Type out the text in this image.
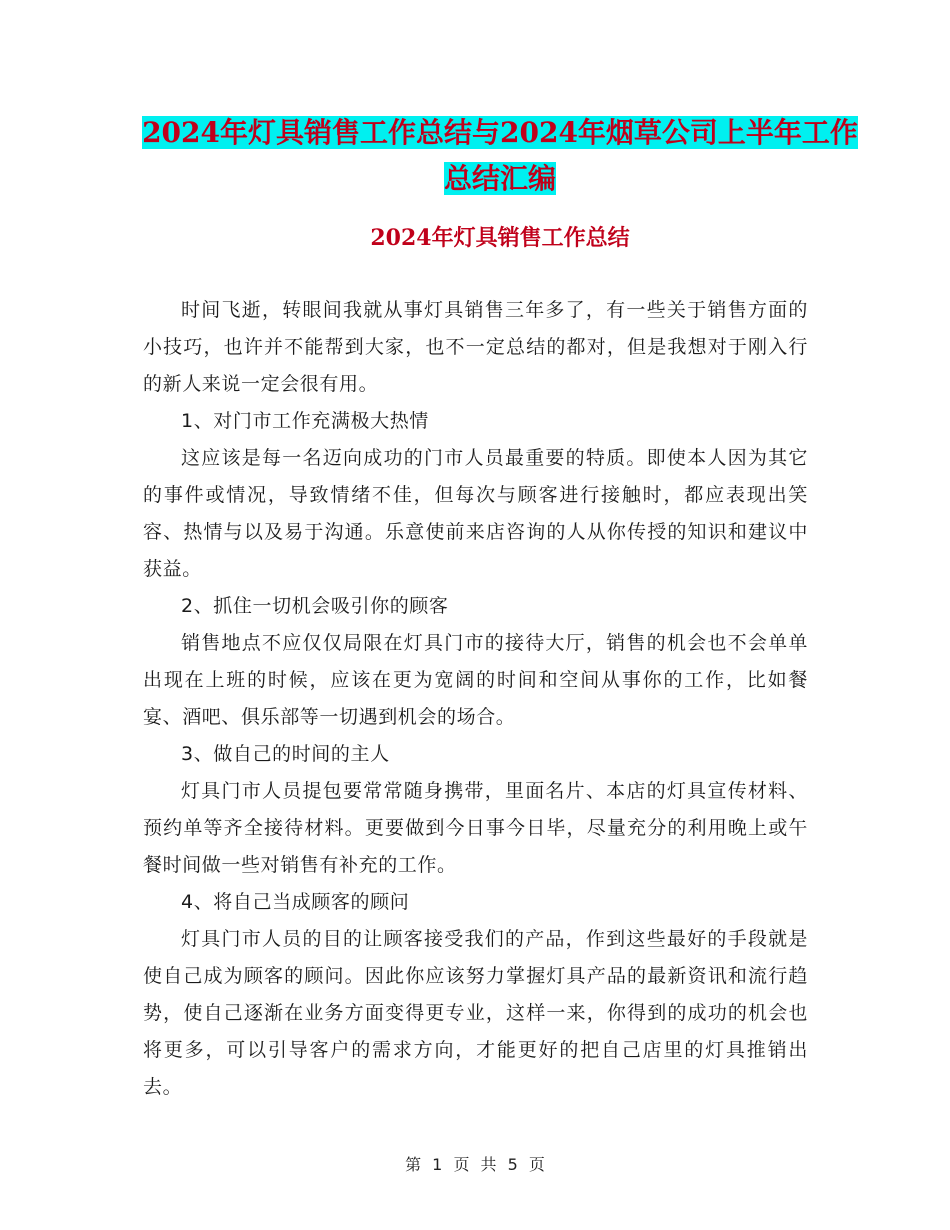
2024年灯具销售工作总结与2024年烟草公司上半年工作总结汇编
2024年灯具销售工作总结

时间飞逝，转眼间我就从事灯具销售三年多了，有一些关于销售方面的小技巧，也许并不能帮到大家，也不一定总结的都对，但是我想对于刚入行的新人来说一定会很有用。

1、对门市工作充满极大热情

这应该是每一名迈向成功的门市人员最重要的特质。即使本人因为其它的事件或情况，导致情绪不佳，但每次与顾客进行接触时，都应表现出笑容、热情与以及易于沟通。乐意使前来店咨询的人从你传授的知识和建议中获益。

2、抓住一切机会吸引你的顾客

销售地点不应仅仅局限在灯具门市的接待大厅，销售的机会也不会单单出现在上班的时候，应该在更为宽阔的时间和空间从事你的工作，比如餐宴、酒吧、俱乐部等一切遇到机会的场合。

3、做自己的时间的主人

灯具门市人员提包要常常随身携带，里面名片、本店的灯具宣传材料、预约单等齐全接待材料。更要做到今日事今日毕，尽量充分的利用晚上或午餐时间做一些对销售有补充的工作。

4、将自己当成顾客的顾问

灯具门市人员的目的让顾客接受我们的产品，作到这些最好的手段就是使自己成为顾客的顾问。因此你应该努力掌握灯具产品的最新资讯和流行趋势，使自己逐渐在业务方面变得更专业，这样一来，你得到的成功的机会也将更多，可以引导客户的需求方向，才能更好的把自己店里的灯具推销出去。

第 1 页 共 5 页
